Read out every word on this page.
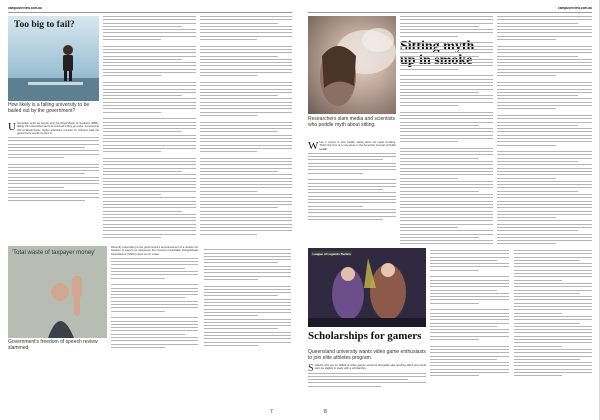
campusreview.com.au
Too big to fail?
How likely is a failing university to be bailed out by the government?
U niversities such as Lloyds and the Royal Bank of Scotland (RBS), failing UK universities won't be rescued if they go under. Announcing this at Westminster, higher education minister Jo Johnson said the government would not step in.
'Total waste of taxpayer money'
Government's freedom of speech review slammed.
Recently responding to the government's announcement of a review into freedom of speech on campuses, the Council of Australian Postgraduate Associations (CAPA) came out on a tear.
7
campusreview.com.au
Sitting myth up in smoke
Researchers slam media and scientists who peddle myth about sitting.
W hen it comes to your health, sitting does not equal smoking. That's the crux of a new piece in the American Journal of Public Health.
League of Legends Tactics
Scholarships for gamers
Queensland university wants video game enthusiasts to join elite athletes program.
S tudents who are so skilled at video games would sit alongside elite sporting talent and could soon be eligible to study with a scholarship.
8
